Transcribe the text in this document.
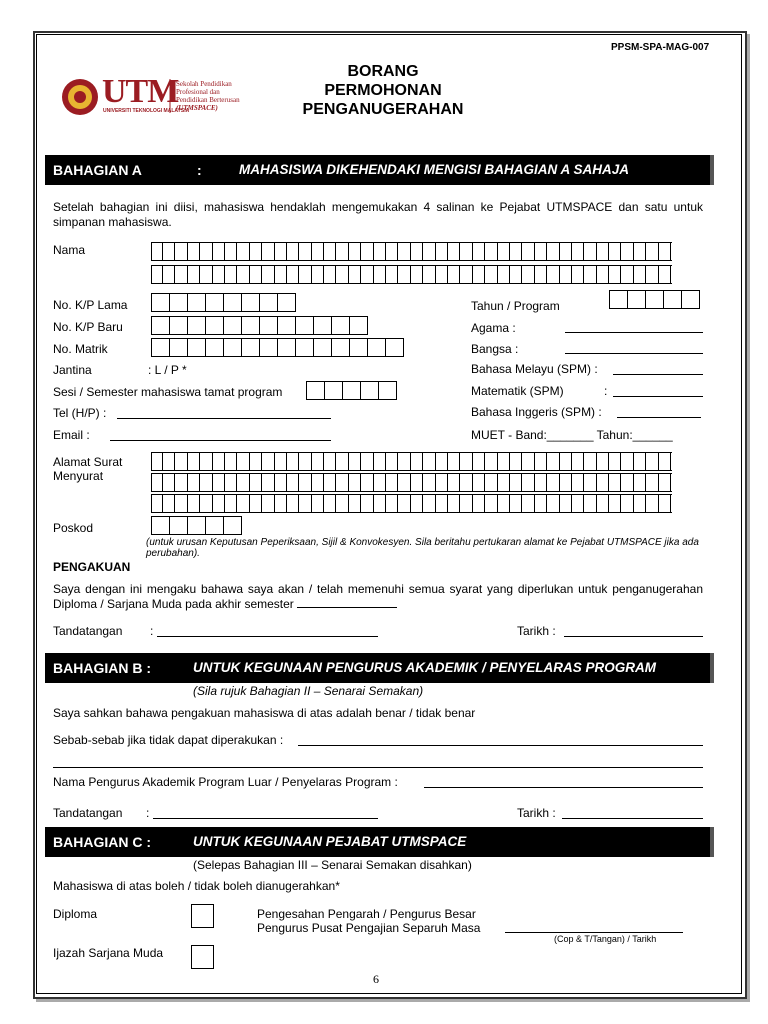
PPSM-SPA-MAG-007
UTM
UNIVERSITI TEKNOLOGI MALAYSIA
Sekolah Pendidikan
Profesional dan
Pendidikan Berterusan
(UTMSPACE)
BORANG
PERMOHONAN
PENGANUGERAHAN
BAHAGIAN A	:	MAHASISWA DIKEHENDAKI MENGISI BAHAGIAN A SAHAJA
Setelah bahagian ini diisi, mahasiswa hendaklah mengemukakan 4 salinan ke Pejabat UTMSPACE dan satu untuk simpanan mahasiswa.
Nama
No. K/P Lama
No. K/P Baru
No. Matrik
Jantina	: L / P *
Sesi / Semester mahasiswa tamat program
Tel (H/P) :
Email :
Tahun / Program
Agama :
Bangsa :
Bahasa Melayu (SPM) :
Matematik (SPM)	:
Bahasa Inggeris (SPM) :
MUET - Band:_______ Tahun:______
Alamat Surat
Menyurat
Poskod
(untuk urusan Keputusan Peperiksaan, Sijil & Konvokesyen. Sila beritahu pertukaran alamat ke Pejabat UTMSPACE jika ada perubahan).
PENGAKUAN
Saya dengan ini mengaku bahawa saya akan / telah memenuhi semua syarat yang diperlukan untuk penganugerahan Diploma / Sarjana Muda pada akhir semester
Tandatangan :	Tarikh :
BAHAGIAN B :	UNTUK KEGUNAAN PENGURUS AKADEMIK / PENYELARAS PROGRAM
(Sila rujuk Bahagian II – Senarai Semakan)
Saya sahkan bahawa pengakuan mahasiswa di atas adalah benar / tidak benar
Sebab-sebab jika tidak dapat diperakukan :
Nama Pengurus Akademik Program Luar / Penyelaras Program :
Tandatangan :	Tarikh :
BAHAGIAN C :	UNTUK KEGUNAAN PEJABAT UTMSPACE
(Selepas Bahagian III – Senarai Semakan disahkan)
Mahasiswa di atas boleh / tidak boleh dianugerahkan*
Diploma
Ijazah Sarjana Muda
Pengesahan Pengarah / Pengurus Besar
Pengurus Pusat Pengajian Separuh Masa
(Cop & T/Tangan) / Tarikh
6
